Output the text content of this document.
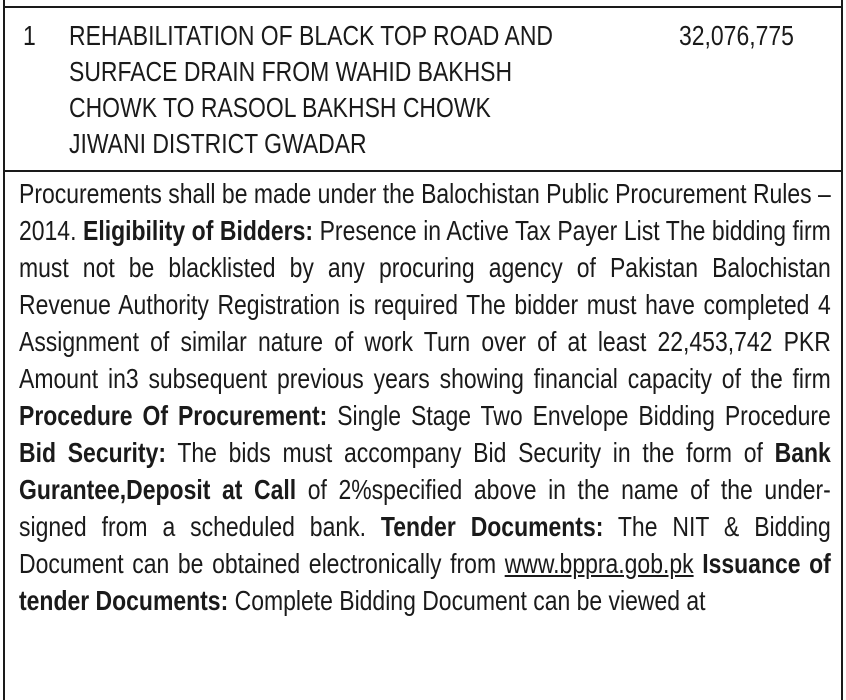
1 REHABILITATION OF BLACK TOP ROAD AND
SURFACE DRAIN FROM WAHID BAKHSH
CHOWK TO RASOOL BAKHSH CHOWK
JIWANI DISTRICT GWADAR
32,076,775

Procurements shall be made under the Balochistan Public Procurement Rules – 2014. Eligibility of Bidders: Presence in Active Tax Payer List The bidding firm must not be blacklisted by any procuring agency of Pakistan Balochistan Revenue Authority Registration is required The bidder must have completed 4 Assignment of similar nature of work Turn over of at least 22,453,742 PKR Amount in3 subsequent previous years showing financial capacity of the firm Procedure Of Procurement: Single Stage Two Envelope Bidding Procedure Bid Security: The bids must accompany Bid Security in the form of Bank Gurantee,Deposit at Call of 2%specified above in the name of the under-signed from a scheduled bank. Tender Documents: The NIT & Bidding Document can be obtained electronically from www.bppra.gob.pk Issuance of tender Documents: Complete Bidding Document can be viewed at
